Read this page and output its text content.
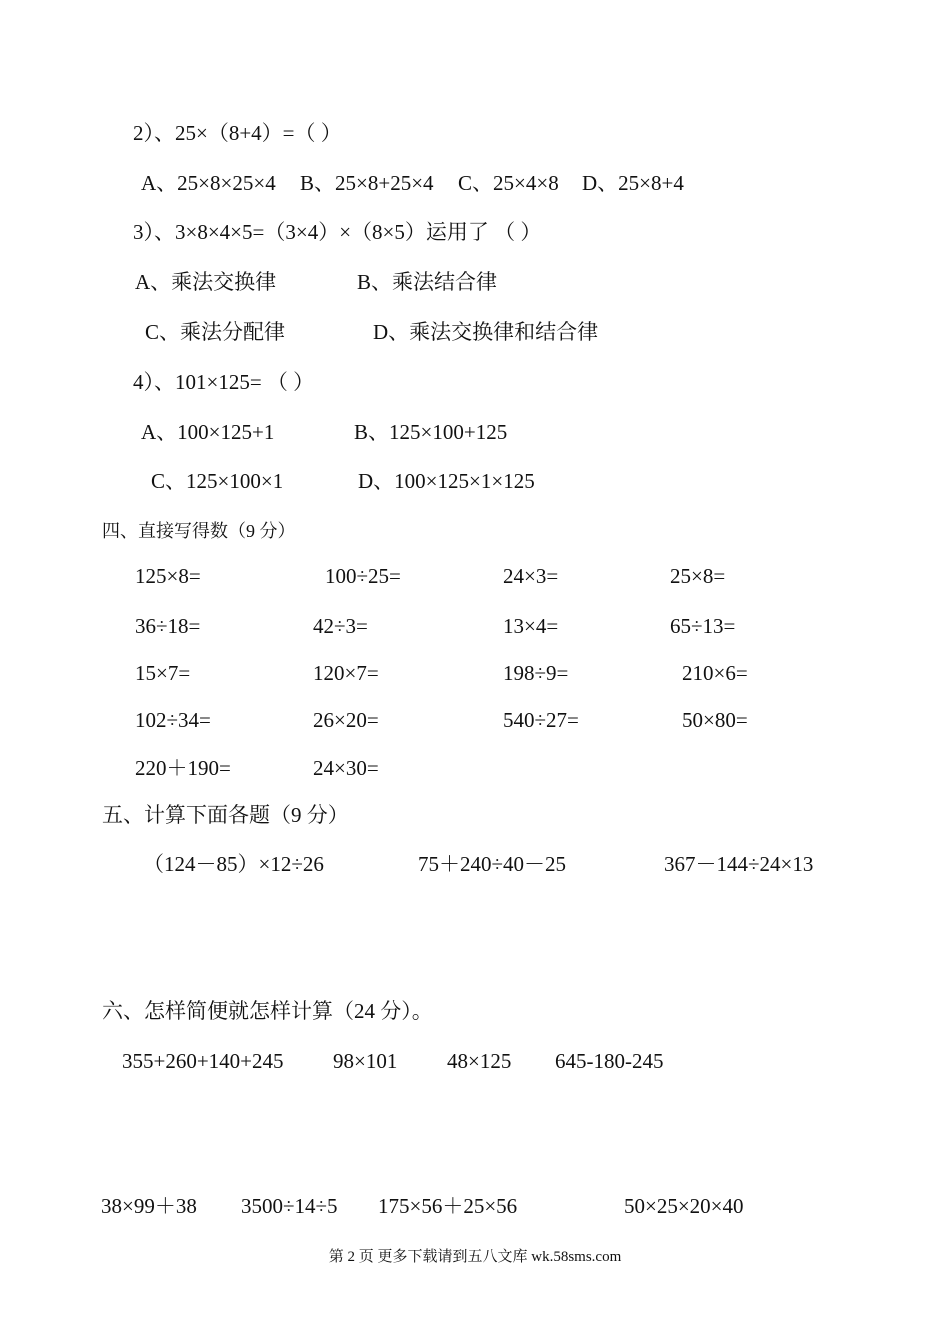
2）、25×（8+4）=（ ）
A、25×8×25×4 B、25×8+25×4 C、25×4×8 D、25×8+4
3）、3×8×4×5=（3×4）×（8×5）运用了 （ ）
A、乘法交换律	B、乘法结合律
C、乘法分配律	D、乘法交换律和结合律
4）、101×125= （ ）
A、100×125+1	B、125×100+125
C、125×100×1	D、100×125×1×125
四、直接写得数（9 分）
125×8=	100÷25=	24×3=	25×8=
36÷18=	42÷3=	13×4=	65÷13=
15×7=	120×7=	198÷9=	210×6=
102÷34=	26×20=	540÷27=	50×80=
220＋190=	24×30=
五、计算下面各题（9 分）
（124－85）×12÷26	75＋240÷40－25	367－144÷24×13
六、怎样简便就怎样计算（24 分）。
355+260+140+245 98×101 48×125 645-180-245
38×99＋38 3500÷14÷5 175×56＋25×56	50×25×20×40
第 2 页 更多下载请到五八文库 wk.58sms.com
